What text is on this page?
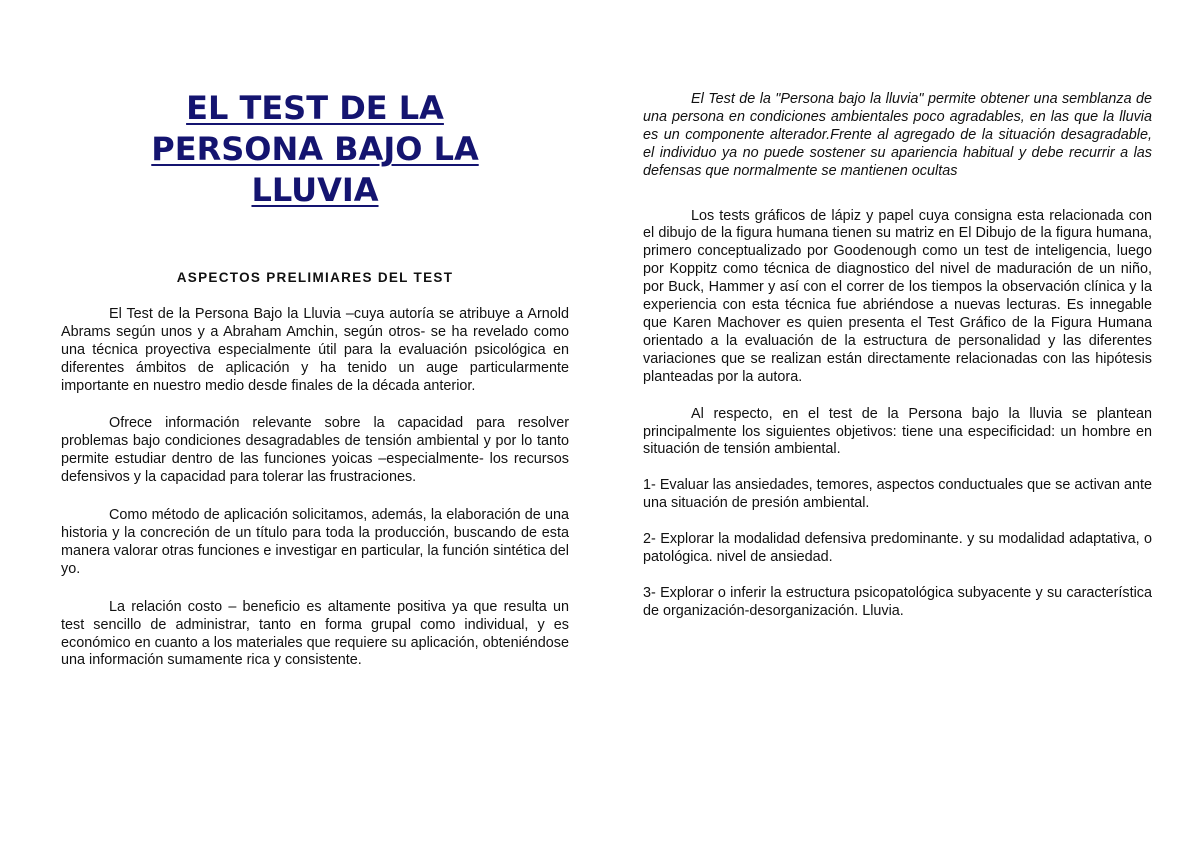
EL TEST DE LA PERSONA BAJO LA LLUVIA
ASPECTOS PRELIMIARES DEL TEST

El Test de la Persona Bajo la Lluvia –cuya autoría se atribuye a Arnold Abrams según unos y a Abraham Amchin, según otros- se ha revelado como una técnica proyectiva especialmente útil para la evaluación psicológica en diferentes ámbitos de aplicación y ha tenido un auge particularmente importante en nuestro medio desde finales de la década anterior.

Ofrece información relevante sobre la capacidad para resolver problemas bajo condiciones desagradables de tensión ambiental y por lo tanto permite estudiar dentro de las funciones yoicas –especialmente- los recursos defensivos y la capacidad para tolerar las frustraciones.

Como método de aplicación solicitamos, además, la elaboración de una historia y la concreción de un título para toda la producción, buscando de esta manera valorar otras funciones e investigar en particular, la función sintética del yo.

La relación costo – beneficio es altamente positiva ya que resulta un test sencillo de administrar, tanto en forma grupal como individual, y es económico en cuanto a los materiales que requiere su aplicación, obteniéndose una información sumamente rica y consistente.

El Test de la "Persona bajo la lluvia" permite obtener una semblanza de una persona en condiciones ambientales poco agradables, en las que la lluvia es un componente alterador.Frente al agregado de la situación desagradable, el individuo ya no puede sostener su apariencia habitual y debe recurrir a las defensas que normalmente se mantienen ocultas

Los tests gráficos de lápiz y papel cuya consigna esta relacionada con el dibujo de la figura humana tienen su matriz en El Dibujo de la figura humana, primero conceptualizado por Goodenough como un test de inteligencia, luego por Koppitz como técnica de diagnostico del nivel de maduración de un niño, por Buck, Hammer y así con el correr de los tiempos la observación clínica y la experiencia con esta técnica fue abriéndose a nuevas lecturas. Es innegable que Karen Machover es quien presenta el Test Gráfico de la Figura Humana orientado a la evaluación de la estructura de personalidad y las diferentes variaciones que se realizan están directamente relacionadas con las hipótesis planteadas por la autora.

Al respecto, en el test de la Persona bajo la lluvia se plantean principalmente los siguientes objetivos: tiene una especificidad: un hombre en situación de tensión ambiental.

1- Evaluar las ansiedades, temores, aspectos conductuales que se activan ante una situación de presión ambiental.

2- Explorar la modalidad defensiva predominante. y su modalidad adaptativa, o patológica. nivel de ansiedad.

3- Explorar o inferir la estructura psicopatológica subyacente y su característica de organización-desorganización. Lluvia.
